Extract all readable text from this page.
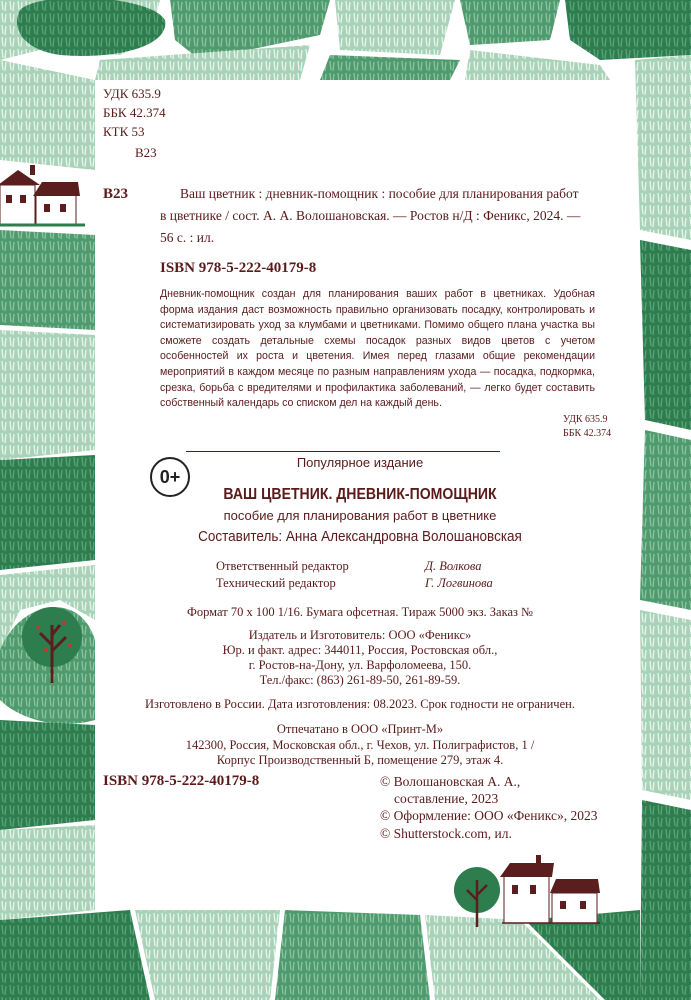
УДК 635.9
ББК 42.374
КТК 53
В23
В23	Ваш цветник : дневник-помощник : пособие для планирования работ
в цветнике / сост. А. А. Волошановская. — Ростов н/Д : Феникс, 2024. —
56 с. : ил.
ISBN 978-5-222-40179-8
Дневник-помощник создан для планирования ваших работ в цветниках. Удобная форма издания даст возможность правильно организовать посадку, контролировать и систематизировать уход за клумбами и цветниками. Помимо общего плана участка вы сможете создать детальные схемы посадок разных видов цветов с учетом особенностей их роста и цветения. Имея перед глазами общие рекомендации мероприятий в каждом месяце по разным направлениям ухода — посадка, подкормка, срезка, борьба с вредителями и профилактика заболеваний, — легко будет составить собственный календарь со списком дел на каждый день.
УДК 635.9
ББК 42.374
0+
Популярное издание
ВАШ ЦВЕТНИК. ДНЕВНИК-ПОМОЩНИК
пособие для планирования работ в цветнике
Составитель: Анна Александровна Волошановская
Ответственный редактор	Д. Волкова
Технический редактор	Г. Логвинова
Формат 70 х 100 1/16. Бумага офсетная. Тираж 5000 экз. Заказ №
Издатель и Изготовитель: ООО «Феникс»
Юр. и факт. адрес: 344011, Россия, Ростовская обл.,
г. Ростов-на-Дону, ул. Варфоломеева, 150.
Тел./факс: (863) 261-89-50, 261-89-59.
Изготовлено в России. Дата изготовления: 08.2023. Срок годности не ограничен.
Отпечатано в ООО «Принт-М»
142300, Россия, Московская обл., г. Чехов, ул. Полиграфистов, 1 /
Корпус Производственный Б, помещение 279, этаж 4.
ISBN 978-5-222-40179-8	© Волошановская А. А.,
составление, 2023
© Оформление: ООО «Феникс», 2023
© Shutterstock.com, ил.
